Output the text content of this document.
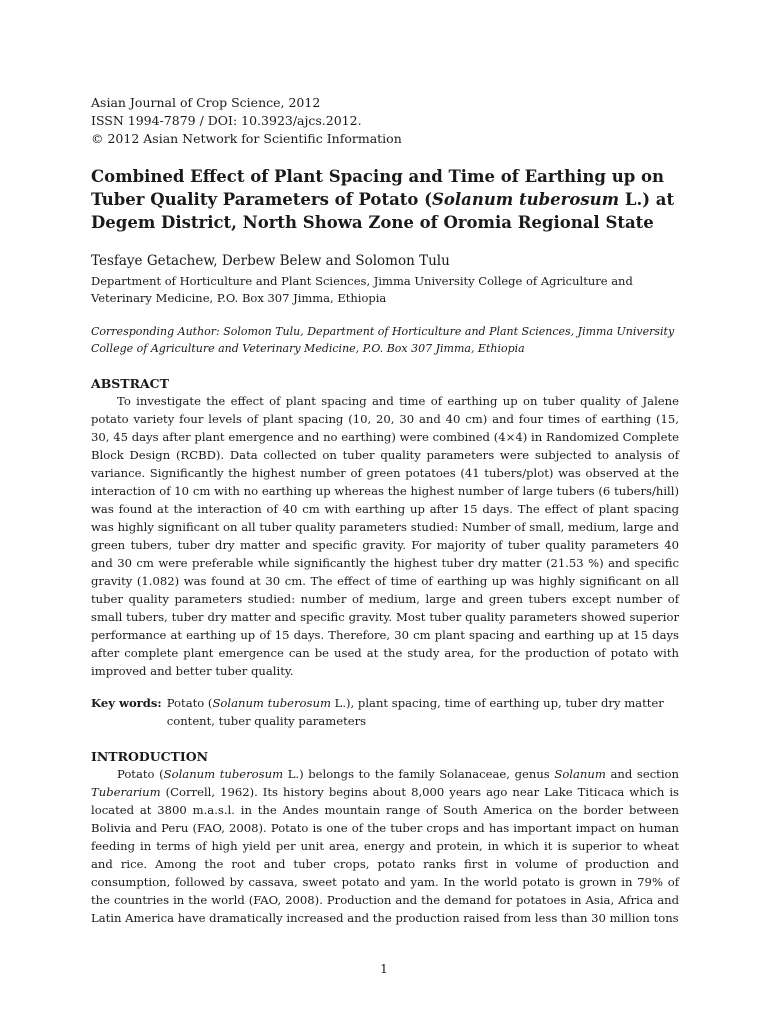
Asian Journal of Crop Science, 2012
ISSN 1994-7879 / DOI: 10.3923/ajcs.2012.
© 2012 Asian Network for Scientific Information
Combined Effect of Plant Spacing and Time of Earthing up on Tuber Quality Parameters of Potato (Solanum tuberosum L.) at Degem District, North Showa Zone of Oromia Regional State

Tesfaye Getachew, Derbew Belew and Solomon Tulu

Department of Horticulture and Plant Sciences, Jimma University College of Agriculture and Veterinary Medicine, P.O. Box 307 Jimma, Ethiopia

Corresponding Author: Solomon Tulu, Department of Horticulture and Plant Sciences, Jimma University College of Agriculture and Veterinary Medicine, P.O. Box 307 Jimma, Ethiopia

ABSTRACT

To investigate the effect of plant spacing and time of earthing up on tuber quality of Jalene potato variety four levels of plant spacing (10, 20, 30 and 40 cm) and four times of earthing (15, 30, 45 days after plant emergence and no earthing) were combined (4×4) in Randomized Complete Block Design (RCBD). Data collected on tuber quality parameters were subjected to analysis of variance. Significantly the highest number of green potatoes (41 tubers/plot) was observed at the interaction of 10 cm with no earthing up whereas the highest number of large tubers (6 tubers/hill) was found at the interaction of 40 cm with earthing up after 15 days. The effect of plant spacing was highly significant on all tuber quality parameters studied: Number of small, medium, large and green tubers, tuber dry matter and specific gravity. For majority of tuber quality parameters 40 and 30 cm were preferable while significantly the highest tuber dry matter (21.53 %) and specific gravity (1.082) was found at 30 cm. The effect of time of earthing up was highly significant on all tuber quality parameters studied: number of medium, large and green tubers except number of small tubers, tuber dry matter and specific gravity. Most tuber quality parameters showed superior performance at earthing up of 15 days. Therefore, 30 cm plant spacing and earthing up at 15 days after complete plant emergence can be used at the study area, for the production of potato with improved and better tuber quality.

Key words: Potato (Solanum tuberosum L.), plant spacing, time of earthing up, tuber dry matter content, tuber quality parameters
INTRODUCTION

Potato (Solanum tuberosum L.) belongs to the family Solanaceae, genus Solanum and section Tuberarium (Correll, 1962). Its history begins about 8,000 years ago near Lake Titicaca which is located at 3800 m.a.s.l. in the Andes mountain range of South America on the border between Bolivia and Peru (FAO, 2008). Potato is one of the tuber crops and has important impact on human feeding in terms of high yield per unit area, energy and protein, in which it is superior to wheat and rice. Among the root and tuber crops, potato ranks first in volume of production and consumption, followed by cassava, sweet potato and yam. In the world potato is grown in 79% of the countries in the world (FAO, 2008). Production and the demand for potatoes in Asia, Africa and Latin America have dramatically increased and the production raised from less than 30 million tons

1
